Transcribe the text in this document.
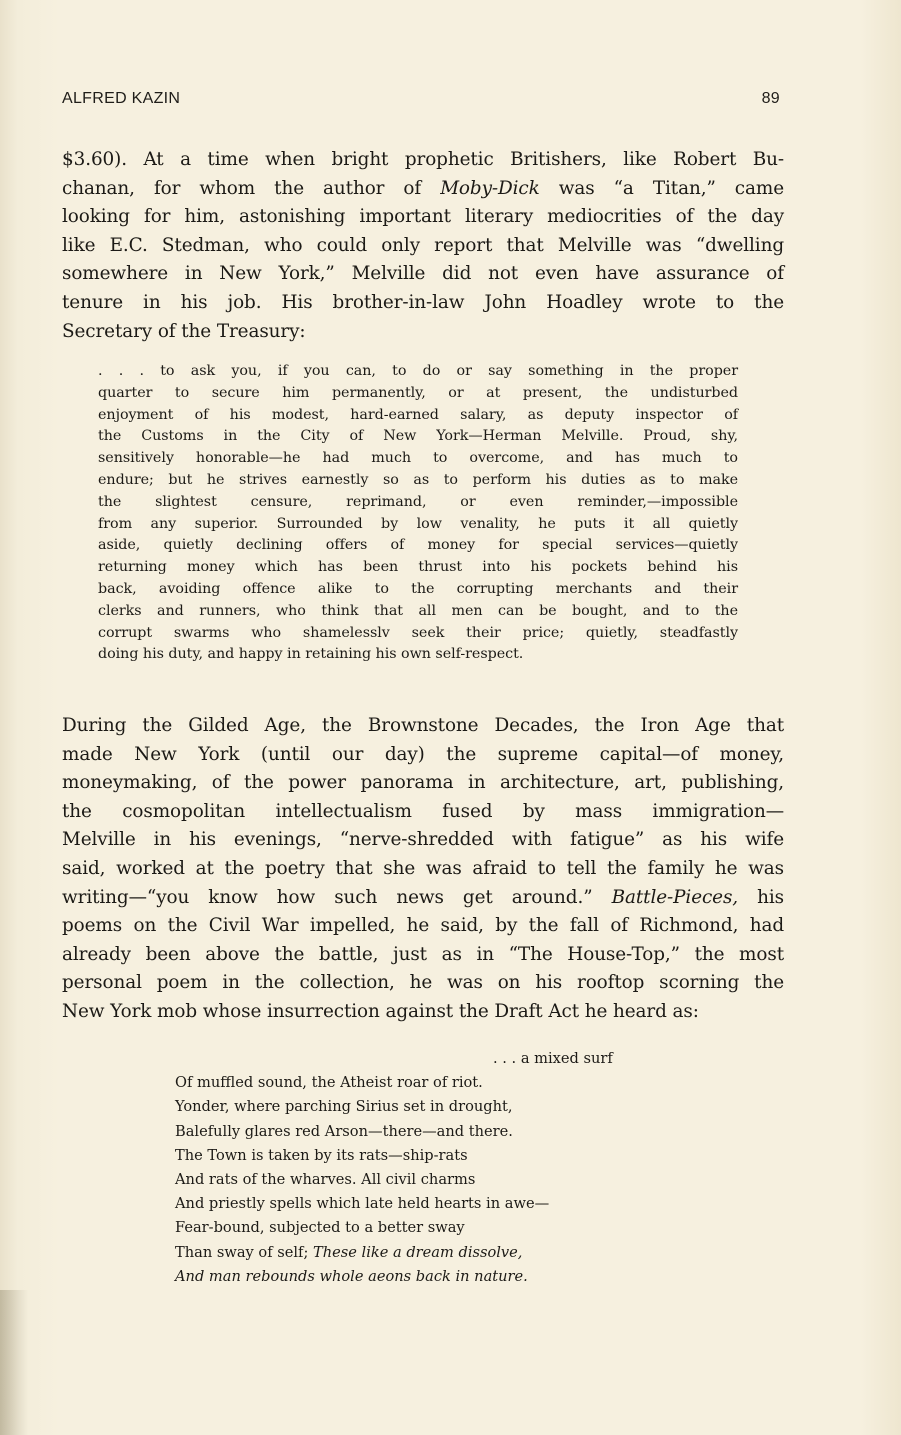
ALFRED KAZIN	89
$3.60). At a time when bright prophetic Britishers, like Robert Bu-
chanan, for whom the author of Moby-Dick was “a Titan,” came
looking for him, astonishing important literary mediocrities of the day
like E.C. Stedman, who could only report that Melville was “dwelling
somewhere in New York,” Melville did not even have assurance of
tenure in his job. His brother-in-law John Hoadley wrote to the
Secretary of the Treasury:
. . . to ask you, if you can, to do or say something in the proper
quarter to secure him permanently, or at present, the undisturbed
enjoyment of his modest, hard-earned salary, as deputy inspector of
the Customs in the City of New York—Herman Melville. Proud, shy,
sensitively honorable—he had much to overcome, and has much to
endure; but he strives earnestly so as to perform his duties as to make
the slightest censure, reprimand, or even reminder,—impossible
from any superior. Surrounded by low venality, he puts it all quietly
aside, quietly declining offers of money for special services—quietly
returning money which has been thrust into his pockets behind his
back, avoiding offence alike to the corrupting merchants and their
clerks and runners, who think that all men can be bought, and to the
corrupt swarms who shamelesslv seek their price; quietly, steadfastly
doing his duty, and happy in retaining his own self-respect.
During the Gilded Age, the Brownstone Decades, the Iron Age that
made New York (until our day) the supreme capital—of money,
moneymaking, of the power panorama in architecture, art, publishing,
the cosmopolitan intellectualism fused by mass immigration—
Melville in his evenings, “nerve-shredded with fatigue” as his wife
said, worked at the poetry that she was afraid to tell the family he was
writing—“you know how such news get around.” Battle-Pieces, his
poems on the Civil War impelled, he said, by the fall of Richmond, had
already been above the battle, just as in “The House-Top,” the most
personal poem in the collection, he was on his rooftop scorning the
New York mob whose insurrection against the Draft Act he heard as:
. . . a mixed surf
Of muffled sound, the Atheist roar of riot.
Yonder, where parching Sirius set in drought,
Balefully glares red Arson—there—and there.
The Town is taken by its rats—ship-rats
And rats of the wharves. All civil charms
And priestly spells which late held hearts in awe—
Fear-bound, subjected to a better sway
Than sway of self; These like a dream dissolve,
And man rebounds whole aeons back in nature.
